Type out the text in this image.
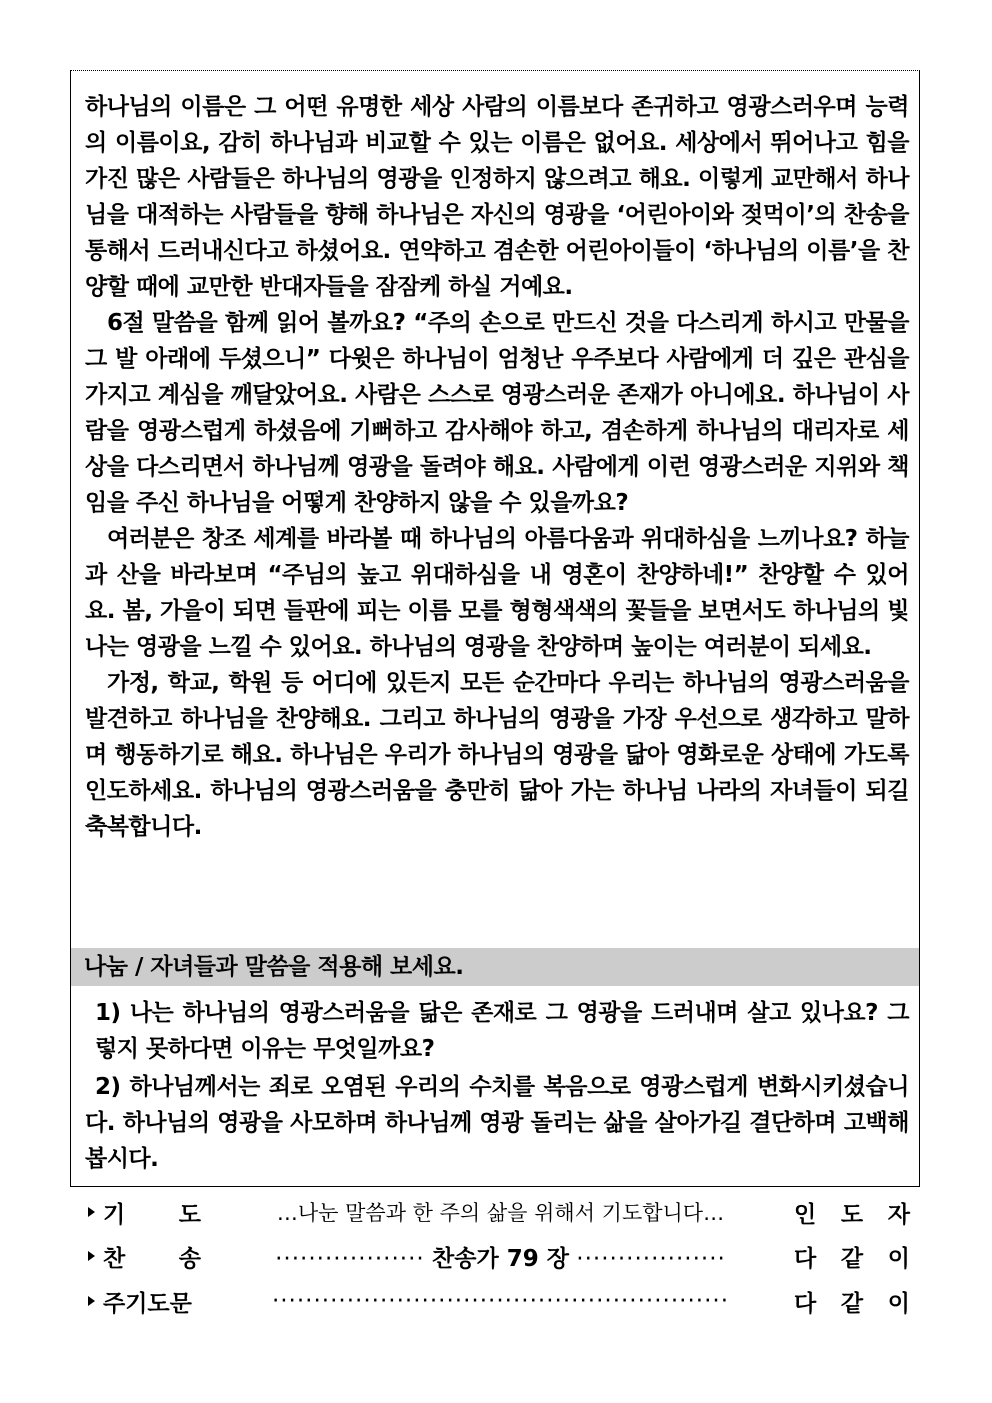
하나님의 이름은 그 어떤 유명한 세상 사람의 이름보다 존귀하고 영광스러우며 능력의 이름이요, 감히 하나님과 비교할 수 있는 이름은 없어요. 세상에서 뛰어나고 힘을 가진 많은 사람들은 하나님의 영광을 인정하지 않으려고 해요. 이렇게 교만해서 하나님을 대적하는 사람들을 향해 하나님은 자신의 영광을 ‘어린아이와 젖먹이’의 찬송을 통해서 드러내신다고 하셨어요. 연약하고 겸손한 어린아이들이 ‘하나님의 이름’을 찬양할 때에 교만한 반대자들을 잠잠케 하실 거예요.

6절 말씀을 함께 읽어 볼까요? “주의 손으로 만드신 것을 다스리게 하시고 만물을 그 발 아래에 두셨으니” 다윗은 하나님이 엄청난 우주보다 사람에게 더 깊은 관심을 가지고 계심을 깨달았어요. 사람은 스스로 영광스러운 존재가 아니에요. 하나님이 사람을 영광스럽게 하셨음에 기뻐하고 감사해야 하고, 겸손하게 하나님의 대리자로 세상을 다스리면서 하나님께 영광을 돌려야 해요. 사람에게 이런 영광스러운 지위와 책임을 주신 하나님을 어떻게 찬양하지 않을 수 있을까요?

여러분은 창조 세계를 바라볼 때 하나님의 아름다움과 위대하심을 느끼나요? 하늘과 산을 바라보며 “주님의 높고 위대하심을 내 영혼이 찬양하네!” 찬양할 수 있어요. 봄, 가을이 되면 들판에 피는 이름 모를 형형색색의 꽃들을 보면서도 하나님의 빛나는 영광을 느낄 수 있어요. 하나님의 영광을 찬양하며 높이는 여러분이 되세요.

가정, 학교, 학원 등 어디에 있든지 모든 순간마다 우리는 하나님의 영광스러움을 발견하고 하나님을 찬양해요. 그리고 하나님의 영광을 가장 우선으로 생각하고 말하며 행동하기로 해요. 하나님은 우리가 하나님의 영광을 닮아 영화로운 상태에 가도록 인도하세요. 하나님의 영광스러움을 충만히 닮아 가는 하나님 나라의 자녀들이 되길 축복합니다.

나눔 / 자녀들과 말씀을 적용해 보세요.

1) 나는 하나님의 영광스러움을 닮은 존재로 그 영광을 드러내며 살고 있나요? 그렇지 못하다면 이유는 무엇일까요?

2) 하나님께서는 죄로 오염된 우리의 수치를 복음으로 영광스럽게 변화시키셨습니다. 하나님의 영광을 사모하며 하나님께 영광 돌리는 삶을 살아가길 결단하며 고백해 봅시다.

기 도	…나눈 말씀과 한 주의 삶을 위해서 기도합니다…	인 도 자
찬 송	·················· 찬송가 79 장 ··················	다 같 이
주기도문	·······················································	다 같 이
